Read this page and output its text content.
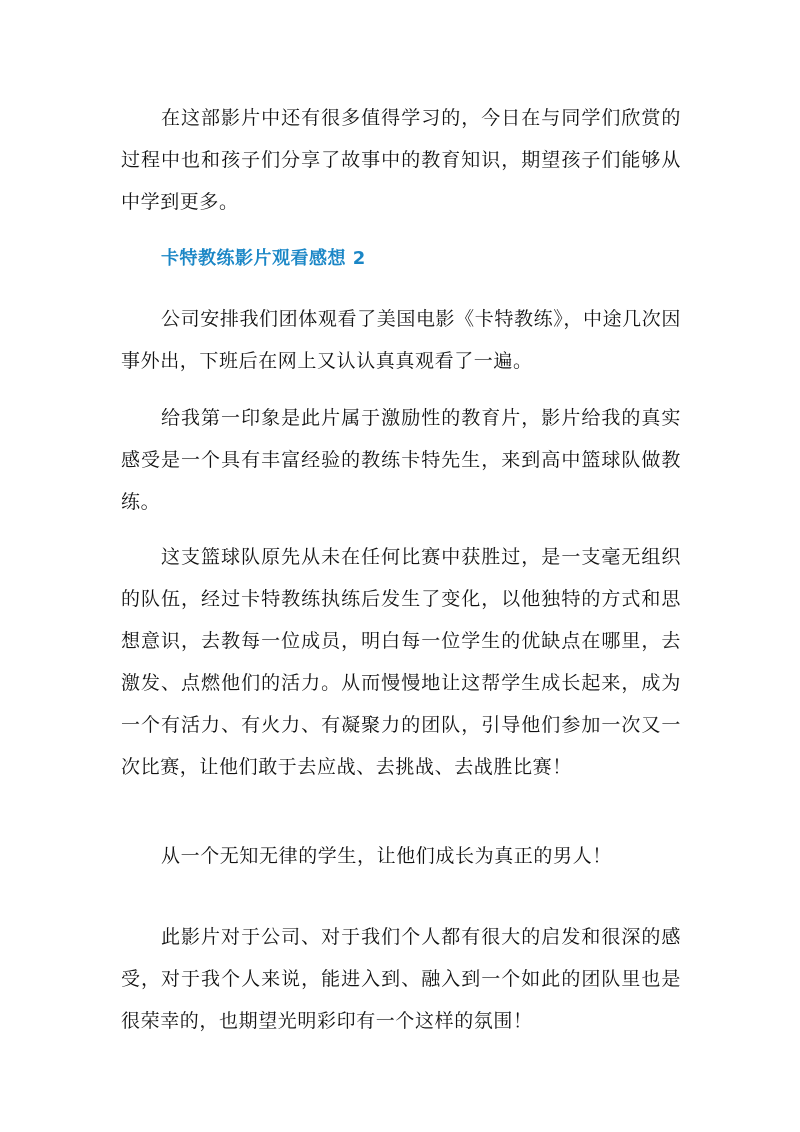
在这部影片中还有很多值得学习的，今日在与同学们欣赏的过程中也和孩子们分享了故事中的教育知识，期望孩子们能够从中学到更多。

卡特教练影片观看感想 2

公司安排我们团体观看了美国电影《卡特教练》，中途几次因事外出，下班后在网上又认认真真观看了一遍。

给我第一印象是此片属于激励性的教育片，影片给我的真实感受是一个具有丰富经验的教练卡特先生，来到高中篮球队做教练。

这支篮球队原先从未在任何比赛中获胜过，是一支毫无组织的队伍，经过卡特教练执练后发生了变化，以他独特的方式和思想意识，去教每一位成员，明白每一位学生的优缺点在哪里，去激发、点燃他们的活力。从而慢慢地让这帮学生成长起来，成为一个有活力、有火力、有凝聚力的团队，引导他们参加一次又一次比赛，让他们敢于去应战、去挑战、去战胜比赛！

从一个无知无律的学生，让他们成长为真正的男人！

此影片对于公司、对于我们个人都有很大的启发和很深的感受，对于我个人来说，能进入到、融入到一个如此的团队里也是很荣幸的，也期望光明彩印有一个这样的氛围！
